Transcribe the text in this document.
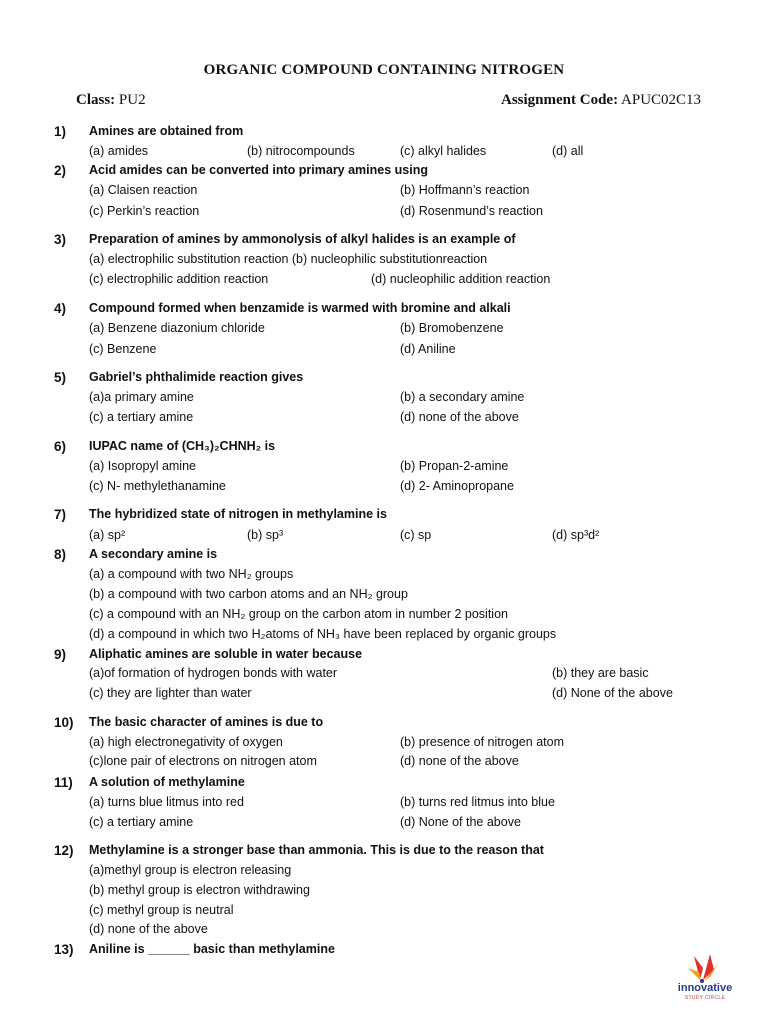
ORGANIC COMPOUND CONTAINING NITROGEN
Class: PU2	Assignment Code: APUC02C13
1) Amines are obtained from
(a) amides	(b) nitrocompounds	(c) alkyl halides	(d) all
2) Acid amides can be converted into primary amines using
(a) Claisen reaction	(b) Hoffmann’s reaction
(c) Perkin’s reaction	(d) Rosenmund’s reaction
3) Preparation of amines by ammonolysis of alkyl halides is an example of
(a) electrophilic substitution reaction (b) nucleophilic substitutionreaction
(c) electrophilic addition reaction	(d) nucleophilic addition reaction
4) Compound formed when benzamide is warmed with bromine and alkali
(a) Benzene diazonium chloride	(b) Bromobenzene
(c) Benzene	(d) Aniline
5) Gabriel’s phthalimide reaction gives
(a)a primary amine	(b) a secondary amine
(c) a tertiary amine	(d) none of the above
6) IUPAC name of (CH₃)₂CHNH₂ is
(a) Isopropyl amine	(b) Propan-2-amine
(c) N- methylethanamine	(d) 2- Aminopropane
7) The hybridized state of nitrogen in methylamine is
(a) sp²	(b) sp³	(c) sp	(d) sp³d²
8) A secondary amine is
(a) a compound with two NH₂ groups
(b) a compound with two carbon atoms and an NH₂ group
(c) a compound with an NH₂ group on the carbon atom in number 2 position
(d) a compound in which two H₂atoms of NH₃ have been replaced by organic groups
9) Aliphatic amines are soluble in water because
(a)of formation of hydrogen bonds with water	(b) they are basic
(c) they are lighter than water	(d) None of the above
10) The basic character of amines is due to
(a) high electronegativity of oxygen	(b) presence of nitrogen atom
(c)lone pair of electrons on nitrogen atom	(d) none of the above
11) A solution of methylamine
(a) turns blue litmus into red	(b) turns red litmus into blue
(c) a tertiary amine	(d) None of the above
12) Methylamine is a stronger base than ammonia. This is due to the reason that
(a)methyl group is electron releasing
(b) methyl group is electron withdrawing
(c) methyl group is neutral
(d) none of the above
13) Aniline is ______ basic than methylamine
innovative
STUDY CIRCLE
